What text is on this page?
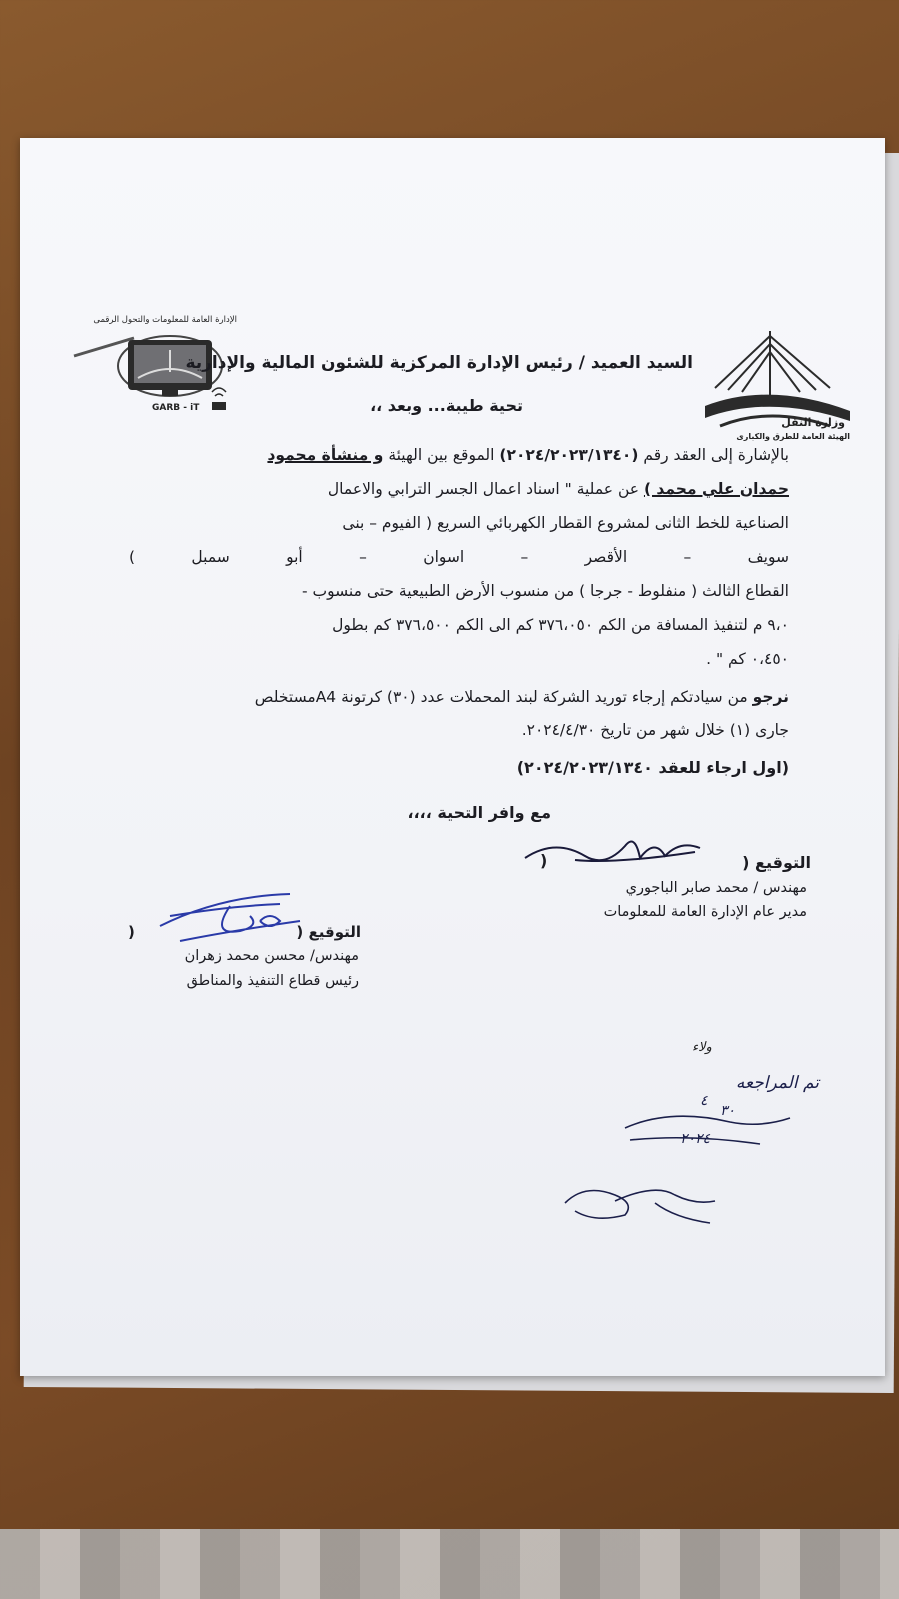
وزارة النقل
الهيئة العامة للطرق والكبارى
الإدارة العامة للمعلومات والتحول الرقمى
GARB - iT
السيد العميد / رئيس الإدارة المركزية للشئون المالية والإدارية
تحية طيبة... وبعد ،،
بالإشارة إلى العقد رقم (٢٠٢٤/٢٠٢٣/١٣٤٠) الموقع بين الهيئة و منشأة محمود
حمدان علي محمد ) عن عملية " اسناد اعمال الجسر الترابي والاعمال
الصناعية للخط الثانى لمشروع القطار الكهربائي السريع ( الفيوم – بنى
سويف – الأقصر – اسوان – أبو سمبل )
القطاع الثالث ( منفلوط - جرجا ) من منسوب الأرض الطبيعية حتى منسوب -
٩،٠ م لتنفيذ المسافة من الكم ٣٧٦،٠٥٠ كم الى الكم ٣٧٦،٥٠٠ كم بطول
٠،٤٥٠ كم " .
نرجو من سيادتكم إرجاء توريد الشركة لبند المحملات عدد (٣٠) كرتونة A4مستخلص
جارى (١) خلال شهر من تاريخ ٢٠٢٤/٤/٣٠.
(اول ارجاء للعقد ٢٠٢٤/٢٠٢٣/١٣٤٠)
مع وافر التحية ،،،،
التوقيع (
)
مهندس / محمد صابر الباجوري
مدير عام الإدارة العامة للمعلومات
التوقيع (
)
مهندس/ محسن محمد زهران
رئيس قطاع التنفيذ والمناطق
ولاء
تم المراجعه
٣٠
٤
٢٠٢٤
